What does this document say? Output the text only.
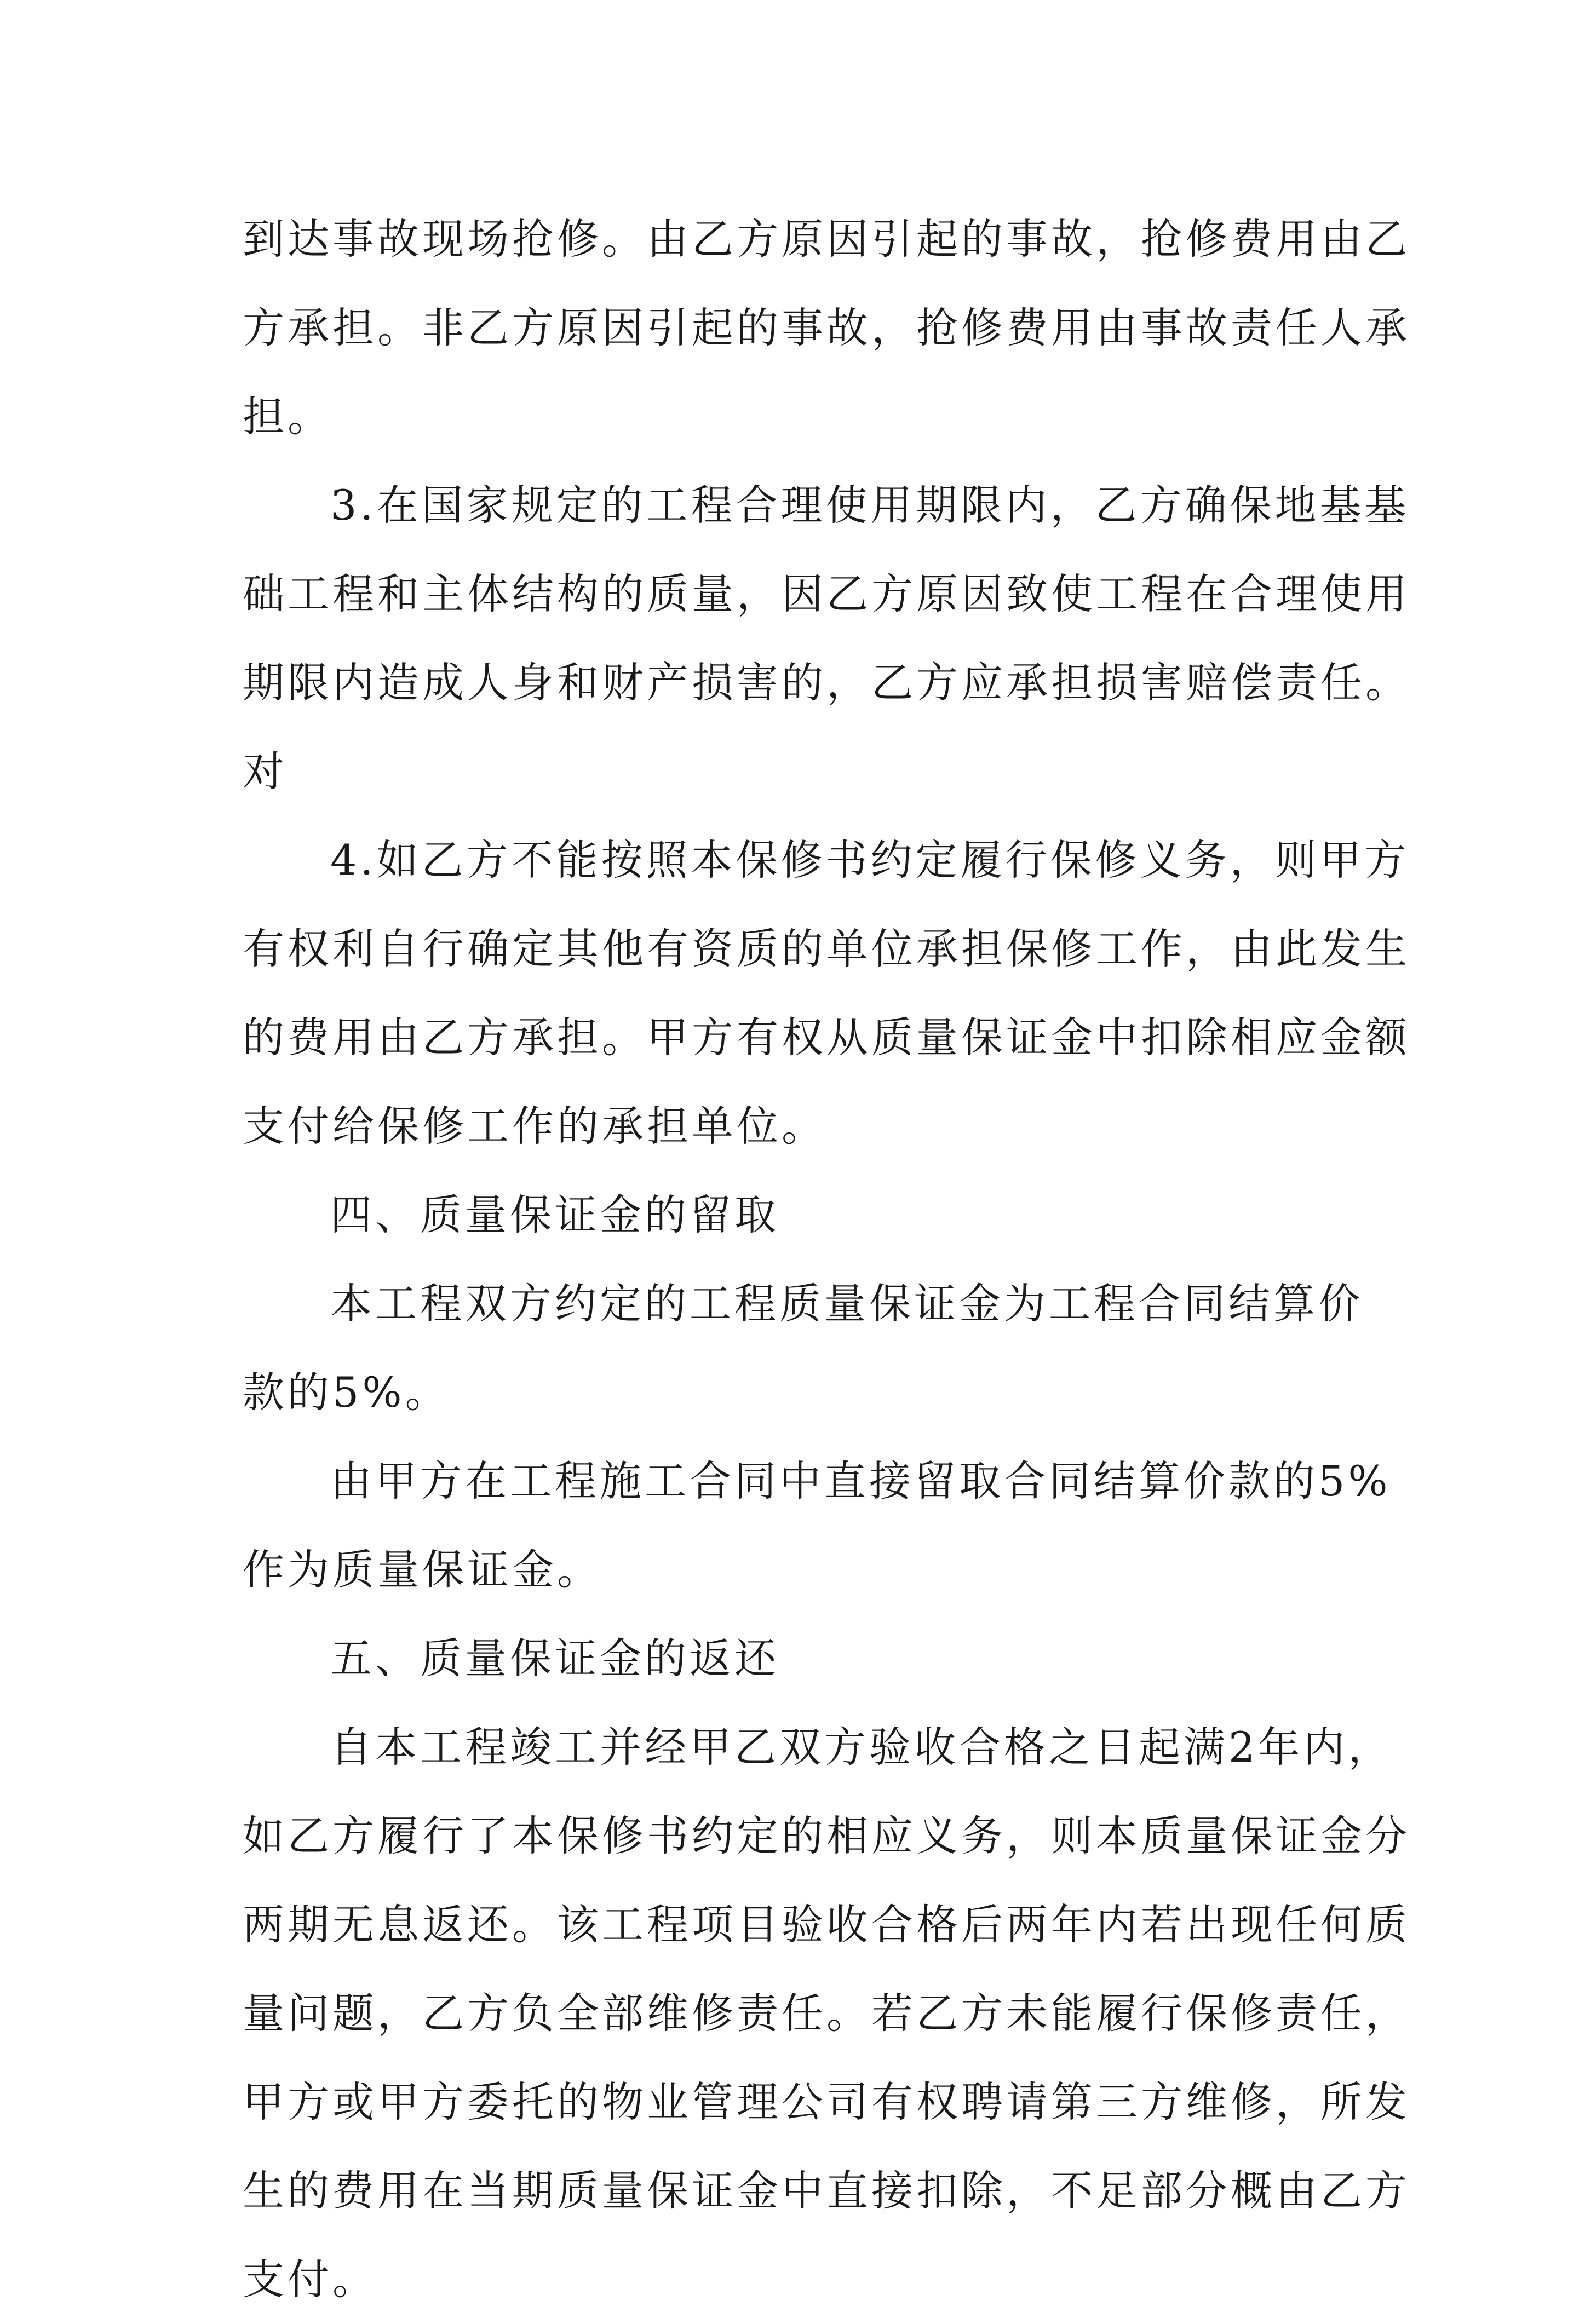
到达事故现场抢修。由乙方原因引起的事故，抢修费用由乙
方承担。非乙方原因引起的事故，抢修费用由事故责任人承
担。
3.在国家规定的工程合理使用期限内，乙方确保地基基
础工程和主体结构的质量，因乙方原因致使工程在合理使用
期限内造成人身和财产损害的，乙方应承担损害赔偿责任。
对
4.如乙方不能按照本保修书约定履行保修义务，则甲方
有权利自行确定其他有资质的单位承担保修工作，由此发生
的费用由乙方承担。甲方有权从质量保证金中扣除相应金额
支付给保修工作的承担单位。
四、质量保证金的留取
本工程双方约定的工程质量保证金为工程合同结算价
款的5%。
由甲方在工程施工合同中直接留取合同结算价款的5%
作为质量保证金。
五、质量保证金的返还
自本工程竣工并经甲乙双方验收合格之日起满2年内，
如乙方履行了本保修书约定的相应义务，则本质量保证金分
两期无息返还。该工程项目验收合格后两年内若出现任何质
量问题，乙方负全部维修责任。若乙方未能履行保修责任，
甲方或甲方委托的物业管理公司有权聘请第三方维修，所发
生的费用在当期质量保证金中直接扣除，不足部分概由乙方
支付。
